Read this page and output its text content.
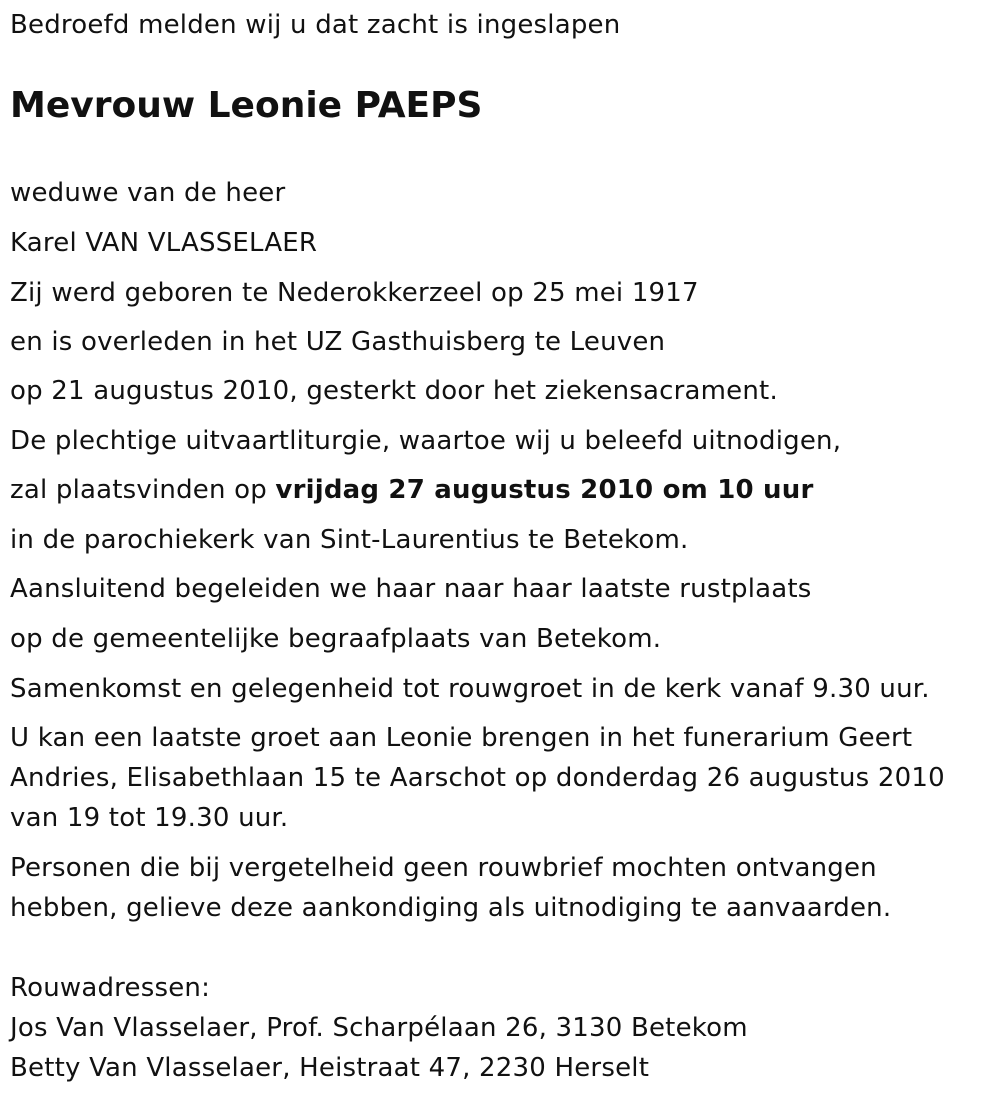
Bedroefd melden wij u dat zacht is ingeslapen
Mevrouw Leonie PAEPS
weduwe van de heer
Karel VAN VLASSELAER
Zij werd geboren te Nederokkerzeel op 25 mei 1917
en is overleden in het UZ Gasthuisberg te Leuven
op 21 augustus 2010, gesterkt door het ziekensacrament.
De plechtige uitvaartliturgie, waartoe wij u beleefd uitnodigen,
zal plaatsvinden op vrijdag 27 augustus 2010 om 10 uur
in de parochiekerk van Sint-Laurentius te Betekom.
Aansluitend begeleiden we haar naar haar laatste rustplaats
op de gemeentelijke begraafplaats van Betekom.
Samenkomst en gelegenheid tot rouwgroet in de kerk vanaf 9.30 uur.
U kan een laatste groet aan Leonie brengen in het funerarium Geert
Andries, Elisabethlaan 15 te Aarschot op donderdag 26 augustus 2010
van 19 tot 19.30 uur.
Personen die bij vergetelheid geen rouwbrief mochten ontvangen
hebben, gelieve deze aankondiging als uitnodiging te aanvaarden.
Rouwadressen:
Jos Van Vlasselaer, Prof. Scharpélaan 26, 3130 Betekom
Betty Van Vlasselaer, Heistraat 47, 2230 Herselt
